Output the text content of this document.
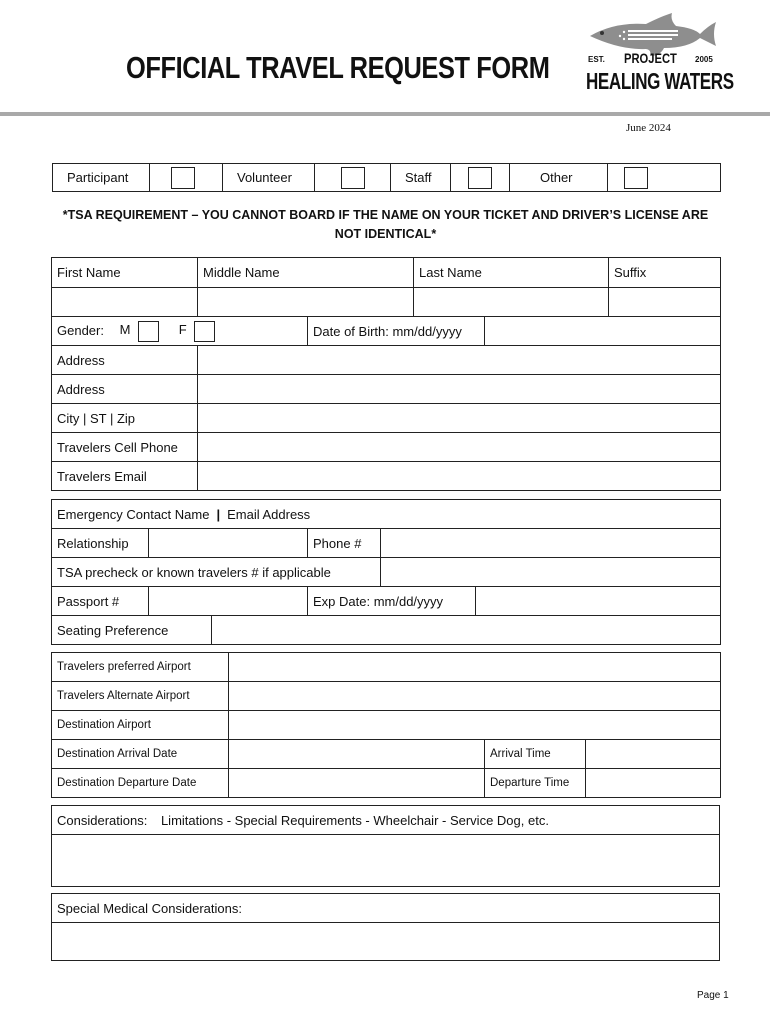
OFFICIAL TRAVEL REQUEST FORM	EST. PROJECT 2005
HEALING WATERS
June 2024
Participant		Volunteer		Staff		Other	
*TSA REQUIREMENT – YOU CANNOT BOARD IF THE NAME ON YOUR TICKET AND DRIVER’S LICENSE ARE NOT IDENTICAL*
First Name	Middle Name		Last Name		Suffix

Gender: M F		Date of Birth: mm/dd/yyyy			
Address					
Address					
City | ST | Zip					
Travelers Cell Phone					
Travelers Email					
Emergency Contact Name | Email Address					
Relationship			Phone #		
TSA precheck or known travelers # if applicable					
Passport #			Exp Date: mm/dd/yyyy		
Seating Preference					
Travelers preferred Airport			
Travelers Alternate Airport			
Destination Airport			
Destination Arrival Date		Arrival Time	
Destination Departure Date		Departure Time	
Considerations: Limitations - Special Requirements - Wheelchair - Service Dog, etc.

Special Medical Considerations:

Page 1
